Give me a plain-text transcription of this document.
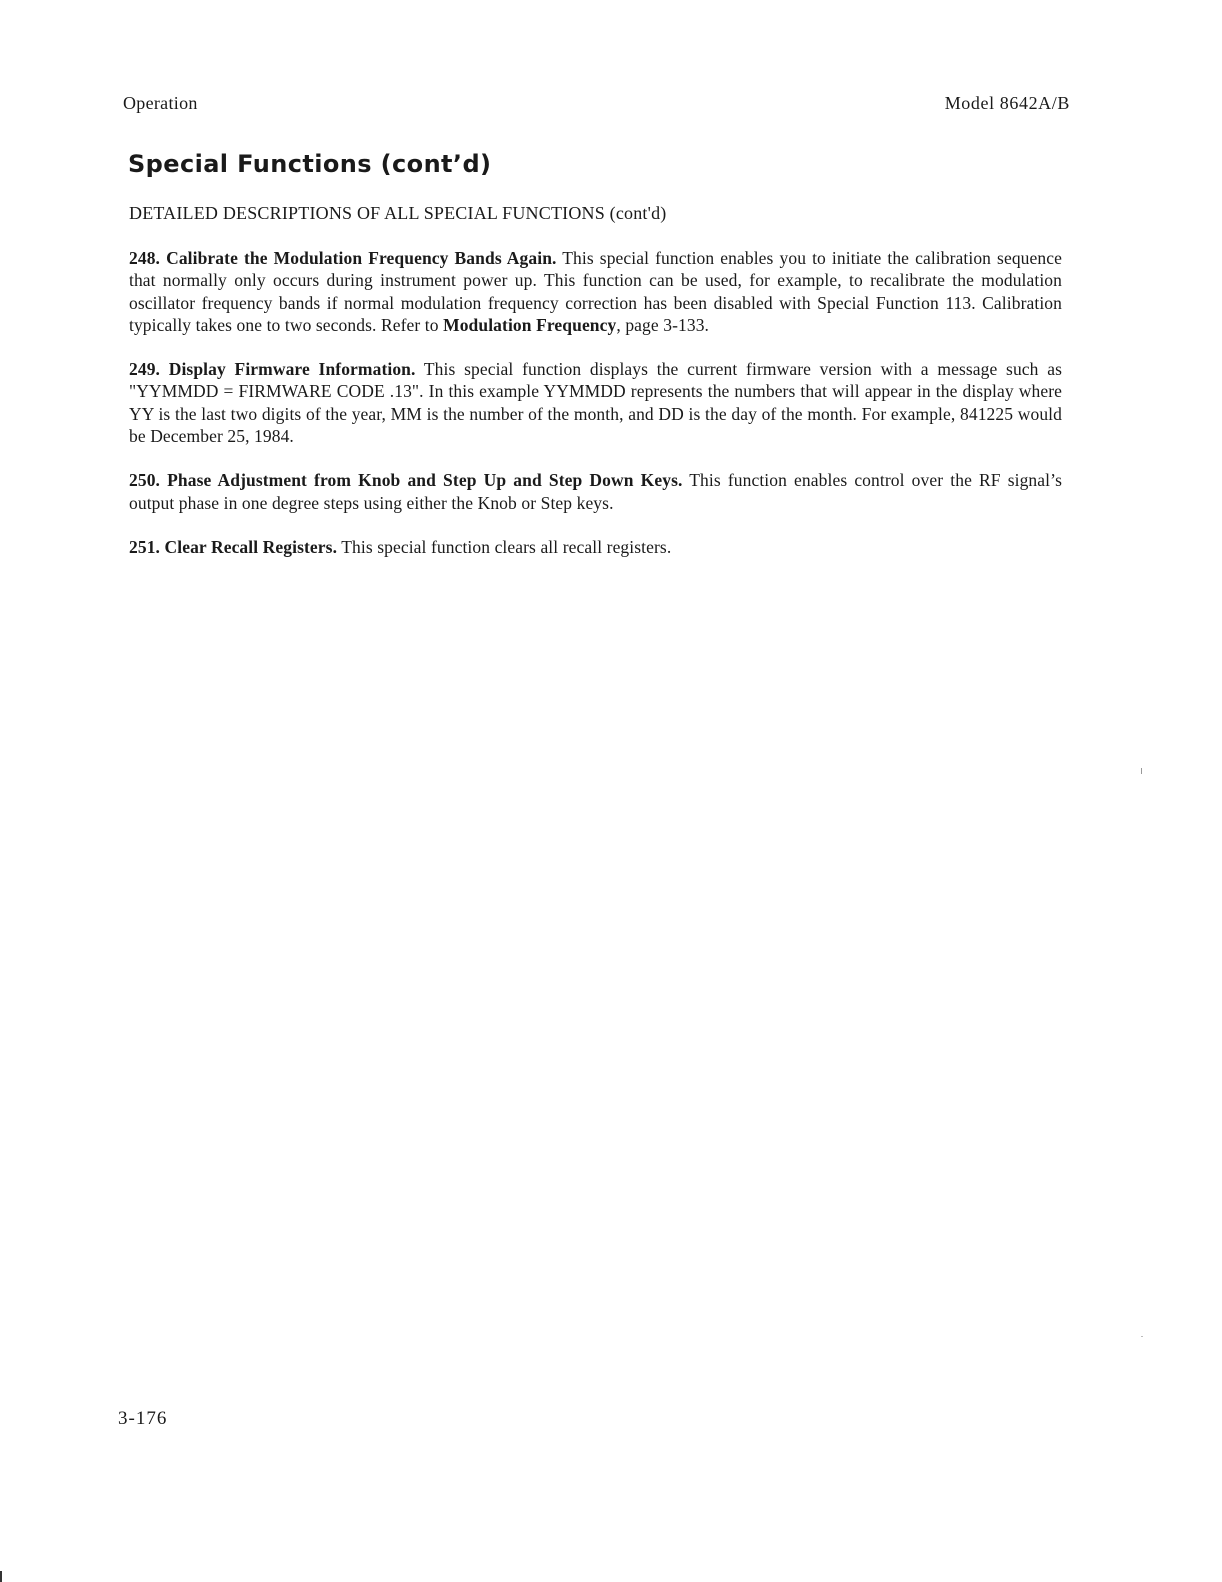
Operation	Model 8642A/B
Special Functions (cont’d)
DETAILED DESCRIPTIONS OF ALL SPECIAL FUNCTIONS (cont'd)

248. Calibrate the Modulation Frequency Bands Again. This special function enables you to initiate the calibration sequence that normally only occurs during instrument power up. This function can be used, for example, to recalibrate the modulation oscillator frequency bands if normal modulation frequency correction has been disabled with Special Function 113. Calibration typically takes one to two seconds. Refer to Modulation Frequency, page 3-133.

249. Display Firmware Information. This special function displays the current firmware version with a message such as "YYMMDD = FIRMWARE CODE .13". In this example YYMMDD represents the numbers that will appear in the display where YY is the last two digits of the year, MM is the number of the month, and DD is the day of the month. For example, 841225 would be December 25, 1984.

250. Phase Adjustment from Knob and Step Up and Step Down Keys. This function enables control over the RF signal’s output phase in one degree steps using either the Knob or Step keys.

251. Clear Recall Registers. This special function clears all recall registers.

3-176
